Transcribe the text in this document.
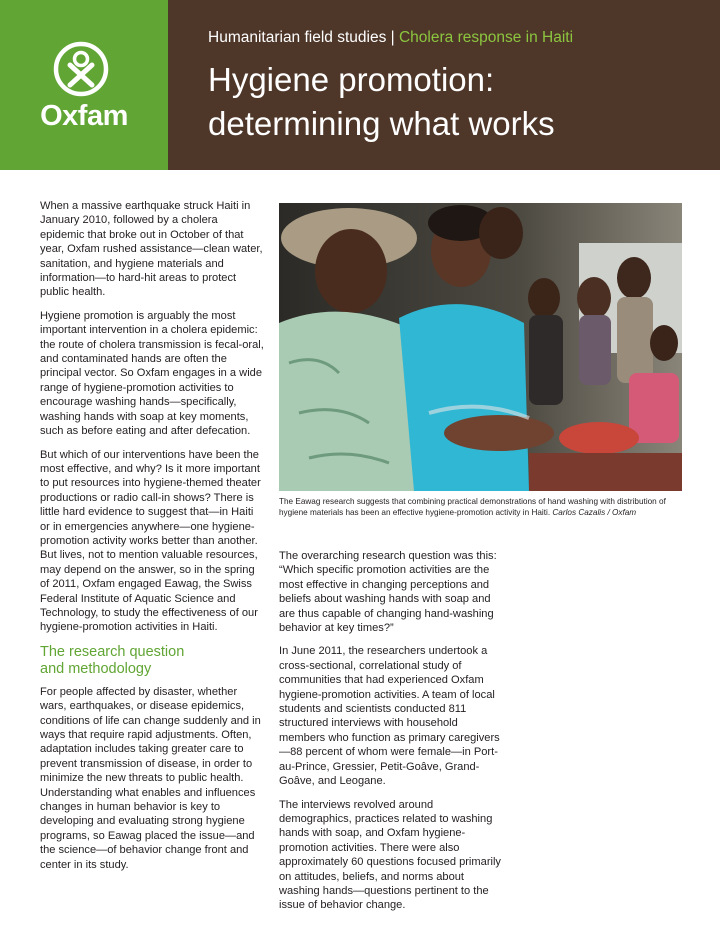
Oxfam
Humanitarian field studies | Cholera response in Haiti
Hygiene promotion:
determining what works

When a massive earthquake struck Haiti in January 2010, followed by a cholera epidemic that broke out in October of that year, Oxfam rushed assistance—clean water, sanitation, and hygiene materials and information—to hard-hit areas to protect public health.

Hygiene promotion is arguably the most important intervention in a cholera epidemic: the route of cholera transmission is fecal-oral, and contaminated hands are often the principal vector. So Oxfam engages in a wide range of hygiene-promotion activities to encourage washing hands—specifically, washing hands with soap at key moments, such as before eating and after defecation.

But which of our interventions have been the most effective, and why? Is it more important to put resources into hygiene-themed theater productions or radio call-in shows? There is little hard evidence to suggest that—in Haiti or in emergencies anywhere—one hygiene-promotion activity works better than another. But lives, not to mention valuable resources, may depend on the answer, so in the spring of 2011, Oxfam engaged Eawag, the Swiss Federal Institute of Aquatic Science and Technology, to study the effectiveness of our hygiene-promotion activities in Haiti.

The research question
and methodology

For people affected by disaster, whether wars, earthquakes, or disease epidemics, conditions of life can change suddenly and in ways that require rapid adjustments. Often, adaptation includes taking greater care to prevent transmission of disease, in order to minimize the new threats to public health. Understanding what enables and influences changes in human behavior is key to developing and evaluating strong hygiene programs, so Eawag placed the issue—and the science—of behavior change front and center in its study.

The Eawag research suggests that combining practical demonstrations of hand washing with distribution of hygiene materials has been an effective hygiene-promotion activity in Haiti. Carlos Cazalis / Oxfam

The overarching research question was this: “Which specific promotion activities are the most effective in changing perceptions and beliefs about washing hands with soap and are thus capable of changing hand-washing behavior at key times?”

In June 2011, the researchers undertook a cross-sectional, correlational study of communities that had experienced Oxfam hygiene-promotion activities. A team of local students and scientists conducted 811 structured interviews with household members who function as primary caregivers—88 percent of whom were female—in Port-au-Prince, Gressier, Petit-Goâve, Grand-Goâve, and Leogane.

The interviews revolved around demographics, practices related to washing hands with soap, and Oxfam hygiene-promotion activities. There were also approximately 60 questions focused primarily on attitudes, beliefs, and norms about washing hands—questions pertinent to the issue of behavior change.
